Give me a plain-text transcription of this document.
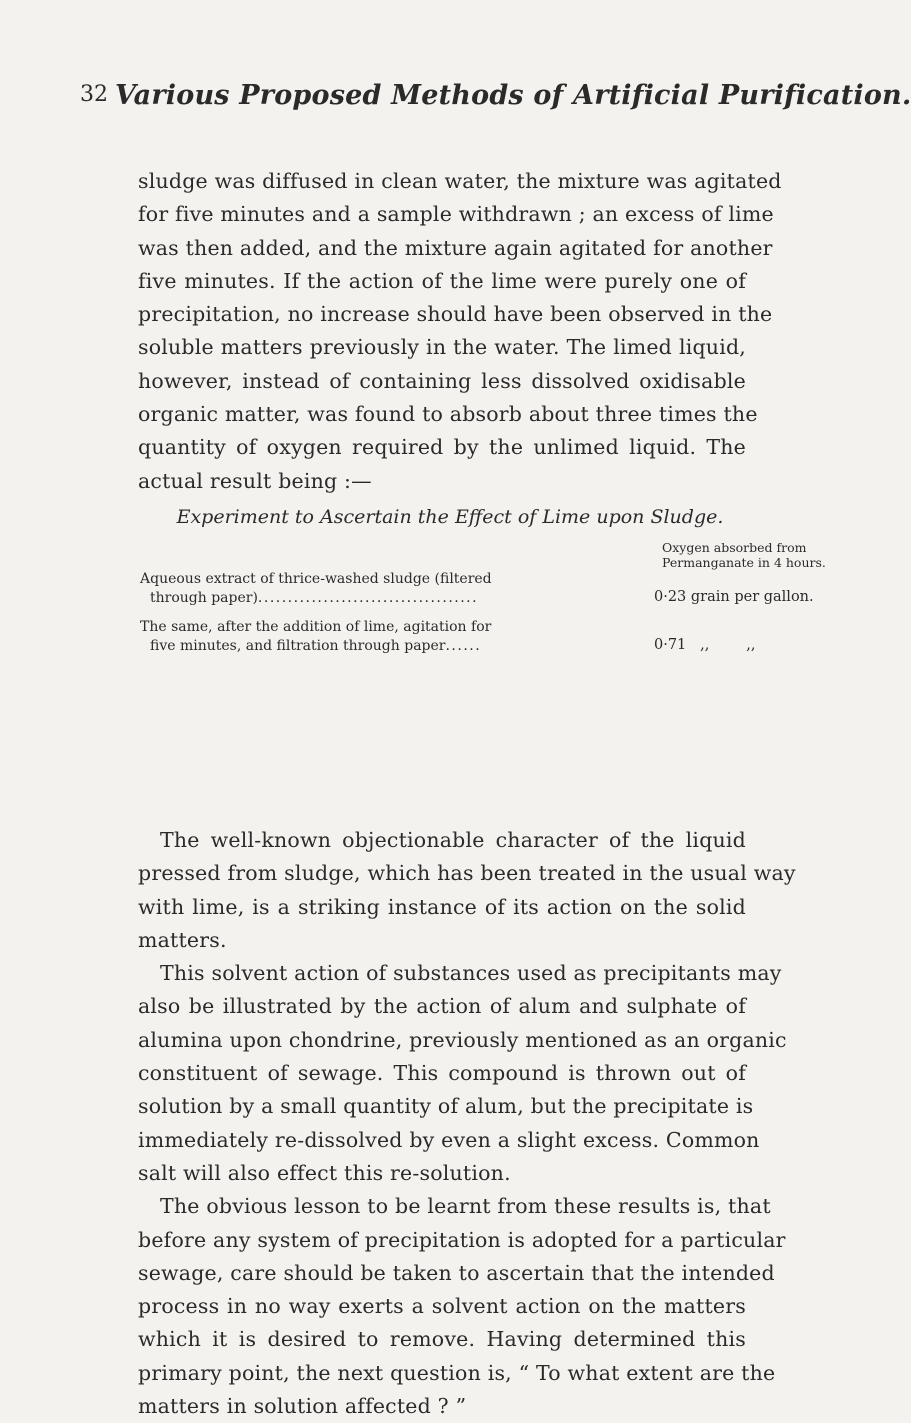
32 Various Proposed Methods of Artificial Purification.
sludge was diffused in clean water, the mixture was agitated
for five minutes and a sample withdrawn ; an excess of lime
was then added, and the mixture again agitated for another
five minutes. If the action of the lime were purely one of
precipitation, no increase should have been observed in the
soluble matters previously in the water. The limed liquid,
however, instead of containing less dissolved oxidisable
organic matter, was found to absorb about three times the
quantity of oxygen required by the unlimed liquid. The
actual result being :—
Experiment to Ascertain the Effect of Lime upon Sludge.
Oxygen absorbed from
Permanganate in 4 hours.
Aqueous extract of thrice-washed sludge (filtered
through paper).....................................	0·23 grain per gallon.
The same, after the addition of lime, agitation for
five minutes, and filtration through paper......	0·71   ,,        ,,
The well-known objectionable character of the liquid
pressed from sludge, which has been treated in the usual way
with lime, is a striking instance of its action on the solid
matters.
This solvent action of substances used as precipitants may
also be illustrated by the action of alum and sulphate of
alumina upon chondrine, previously mentioned as an organic
constituent of sewage. This compound is thrown out of
solution by a small quantity of alum, but the precipitate is
immediately re-dissolved by even a slight excess. Common
salt will also effect this re-solution.
The obvious lesson to be learnt from these results is, that
before any system of precipitation is adopted for a particular
sewage, care should be taken to ascertain that the intended
process in no way exerts a solvent action on the matters
which it is desired to remove. Having determined this
primary point, the next question is, “ To what extent are the
matters in solution affected ? ”
